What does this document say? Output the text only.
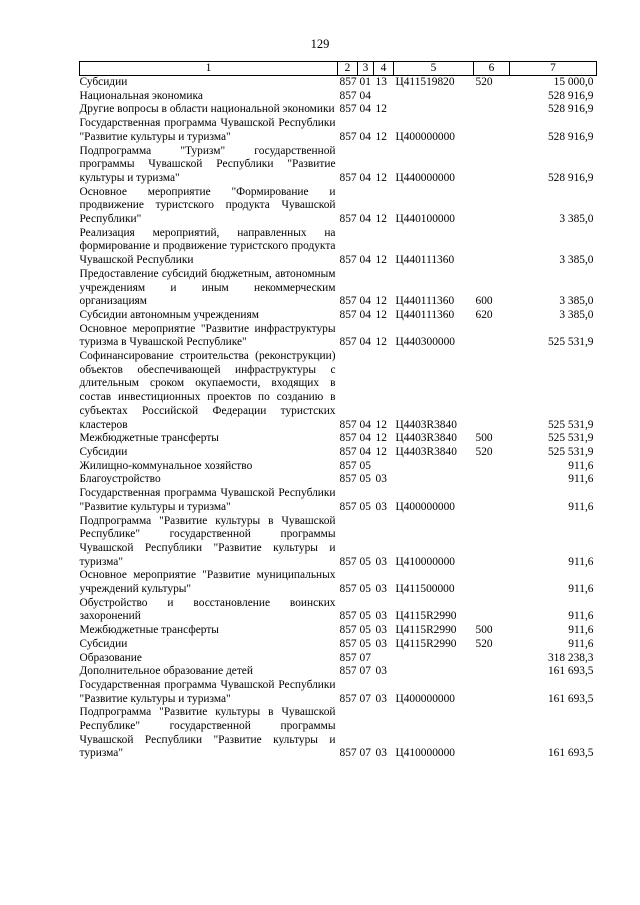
129
1	2	3	4	5	6	7
Субсидии	857	01	13	Ц411519820	520	15 000,0
Национальная экономика	857	04				528 916,9
Другие вопросы в области национальной экономики	857	04	12			528 916,9
Государственная программа Чувашской Республики "Развитие культуры и туризма"	857	04	12	Ц400000000		528 916,9
Подпрограмма "Туризм" государственной программы Чувашской Республики "Развитие культуры и туризма"	857	04	12	Ц440000000		528 916,9
Основное мероприятие "Формирование и продвижение туристского продукта Чувашской Республики"	857	04	12	Ц440100000		3 385,0
Реализация мероприятий, направленных на формирование и продвижение туристского продукта Чувашской Республики	857	04	12	Ц440111360		3 385,0
Предоставление субсидий бюджетным, автономным учреждениям и иным некоммерческим организациям	857	04	12	Ц440111360	600	3 385,0
Субсидии автономным учреждениям	857	04	12	Ц440111360	620	3 385,0
Основное мероприятие "Развитие инфраструктуры туризма в Чувашской Республике"	857	04	12	Ц440300000		525 531,9
Софинансирование строительства (реконструкции) объектов обеспечивающей инфраструктуры с длительным сроком окупаемости, входящих в состав инвестиционных проектов по созданию в субъектах Российской Федерации туристских кластеров	857	04	12	Ц4403R3840		525 531,9
Межбюджетные трансферты	857	04	12	Ц4403R3840	500	525 531,9
Субсидии	857	04	12	Ц4403R3840	520	525 531,9
Жилищно-коммунальное хозяйство	857	05				911,6
Благоустройство	857	05	03			911,6
Государственная программа Чувашской Республики "Развитие культуры и туризма"	857	05	03	Ц400000000		911,6
Подпрограмма "Развитие культуры в Чувашской Республике" государственной программы Чувашской Республики "Развитие культуры и туризма"	857	05	03	Ц410000000		911,6
Основное мероприятие "Развитие муниципальных учреждений культуры"	857	05	03	Ц411500000		911,6
Обустройство и восстановление воинских захоронений	857	05	03	Ц4115R2990		911,6
Межбюджетные трансферты	857	05	03	Ц4115R2990	500	911,6
Субсидии	857	05	03	Ц4115R2990	520	911,6
Образование	857	07				318 238,3
Дополнительное образование детей	857	07	03			161 693,5
Государственная программа Чувашской Республики "Развитие культуры и туризма"	857	07	03	Ц400000000		161 693,5
Подпрограмма "Развитие культуры в Чувашской Республике" государственной программы Чувашской Республики "Развитие культуры и туризма"	857	07	03	Ц410000000		161 693,5
